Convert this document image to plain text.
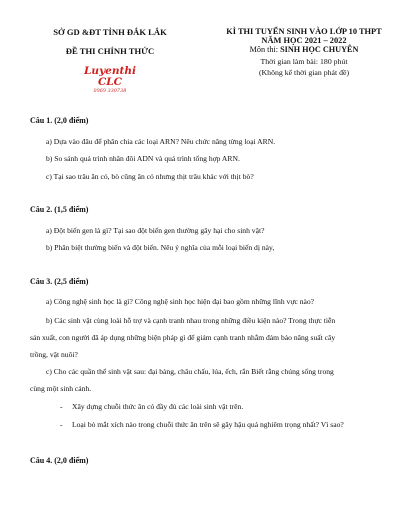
SỞ GD &ĐT TỈNH ĐẮK LẮK
ĐỀ THI CHÍNH THỨC
Luyenthi CLC
0969 330738
KÌ THI TUYỂN SINH VÀO LỚP 10 THPT
NĂM HỌC 2021 – 2022
Môn thi: SINH HỌC CHUYÊN
Thời gian làm bài: 180 phút
(Không kể thời gian phát đề)
Câu 1. (2,0 điểm)
a) Dựa vào đâu để phân chia các loại ARN? Nêu chức năng từng loại ARN.
b) So sánh quá trình nhân đôi ADN và quá trình tổng hợp ARN.
c) Tại sao trâu ăn cỏ, bò cũng ăn cỏ nhưng thịt trâu khác với thịt bò?
Câu 2. (1,5 điểm)
a) Đột biến gen là gì? Tại sao đột biến gen thường gây hại cho sinh vật?
b) Phân biệt thường biến và đột biến. Nêu ý nghĩa của mỗi loại biến dị này,
Câu 3. (2,5 điểm)
a) Công nghệ sinh học là gì? Công nghệ sinh học hiện đại bao gồm những lĩnh vực nào?
b) Các sinh vật cùng loài hỗ trợ và cạnh tranh nhau trong những điều kiện nào? Trong thực tiễn
sản xuất, con người đã áp dụng những biện pháp gì để giảm cạnh tranh nhằm đảm bảo năng suất cây
trồng, vật nuôi?
c) Cho các quần thể sinh vật sau: đại bàng, châu chấu, lúa, ếch, rắn Biết rằng chúng sống trong
cùng một sinh cảnh.
-	Xây dựng chuỗi thức ăn có đầy đủ các loài sinh vật trên.
-	Loại bỏ mắt xích nào trong chuỗi thức ăn trên sẽ gây hậu quả nghiêm trọng nhất? Vì sao?
Câu 4. (2,0 điểm)
